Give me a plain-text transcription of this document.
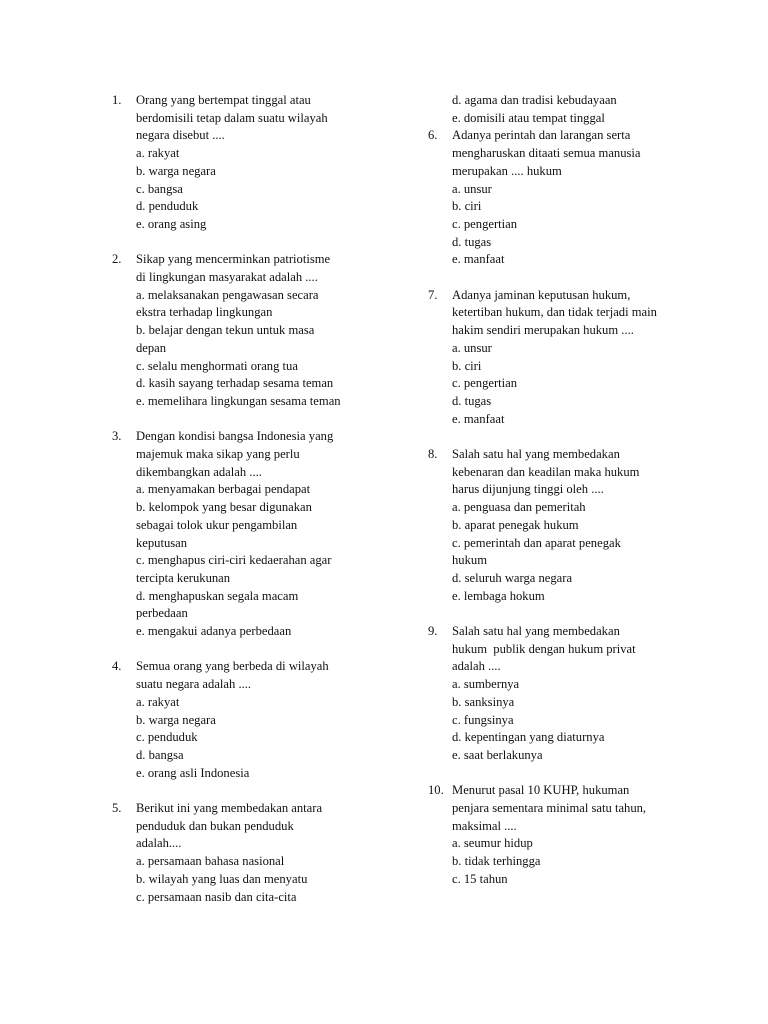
1. Orang yang bertempat tinggal atau
berdomisili tetap dalam suatu wilayah
negara disebut ....
a. rakyat
b. warga negara
c. bangsa
d. penduduk
e. orang asing
2. Sikap yang mencerminkan patriotisme
di lingkungan masyarakat adalah ....
a. melaksanakan pengawasan secara
ekstra terhadap lingkungan
b. belajar dengan tekun untuk masa
depan
c. selalu menghormati orang tua
d. kasih sayang terhadap sesama teman
e. memelihara lingkungan sesama teman
3. Dengan kondisi bangsa Indonesia yang
majemuk maka sikap yang perlu
dikembangkan adalah ....
a. menyamakan berbagai pendapat
b. kelompok yang besar digunakan
sebagai tolok ukur pengambilan
keputusan
c. menghapus ciri-ciri kedaerahan agar
tercipta kerukunan
d. menghapuskan segala macam
perbedaan
e. mengakui adanya perbedaan
4. Semua orang yang berbeda di wilayah
suatu negara adalah ....
a. rakyat
b. warga negara
c. penduduk
d. bangsa
e. orang asli Indonesia
5. Berikut ini yang membedakan antara
penduduk dan bukan penduduk
adalah....
a. persamaan bahasa nasional
b. wilayah yang luas dan menyatu
c. persamaan nasib dan cita-cita
d. agama dan tradisi kebudayaan
e. domisili atau tempat tinggal
6. Adanya perintah dan larangan serta
mengharuskan ditaati semua manusia
merupakan .... hukum
a. unsur
b. ciri
c. pengertian
d. tugas
e. manfaat
7. Adanya jaminan keputusan hukum,
ketertiban hukum, dan tidak terjadi main
hakim sendiri merupakan hukum ....
a. unsur
b. ciri
c. pengertian
d. tugas
e. manfaat
8. Salah satu hal yang membedakan
kebenaran dan keadilan maka hukum
harus dijunjung tinggi oleh ....
a. penguasa dan pemeritah
b. aparat penegak hukum
c. pemerintah dan aparat penegak
hukum
d. seluruh warga negara
e. lembaga hokum
9. Salah satu hal yang membedakan
hukum  publik dengan hukum privat
adalah ....
a. sumbernya
b. sanksinya
c. fungsinya
d. kepentingan yang diaturnya
e. saat berlakunya
10. Menurut pasal 10 KUHP, hukuman
penjara sementara minimal satu tahun,
maksimal ....
a. seumur hidup
b. tidak terhingga
c. 15 tahun
